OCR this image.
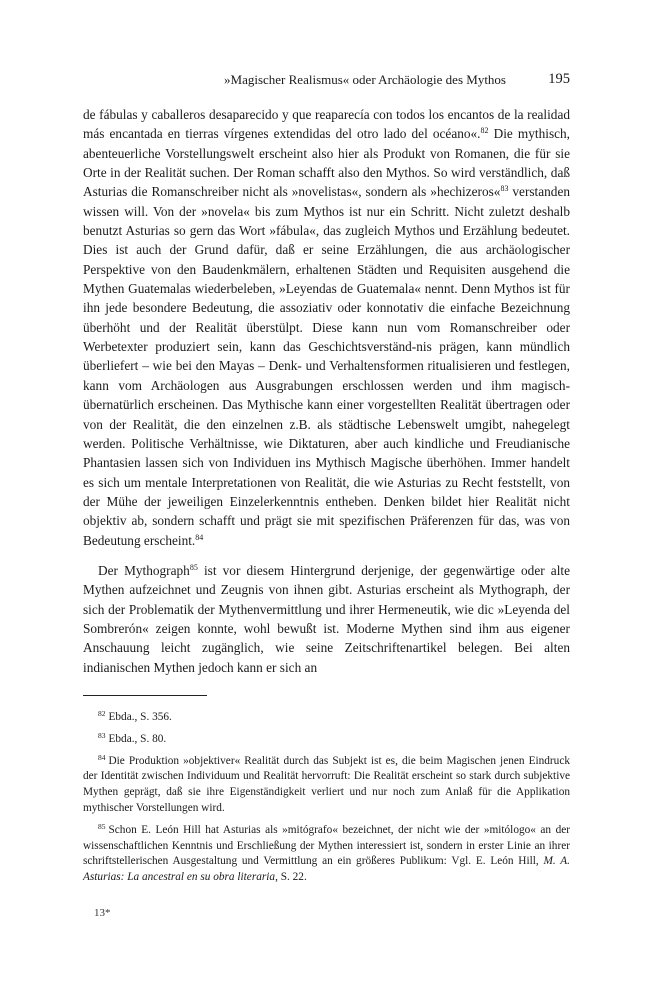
»Magischer Realismus« oder Archäologie des Mythos	195

de fábulas y caballeros desaparecido y que reaparecía con todos los encantos de la realidad más encantada en tierras vírgenes extendidas del otro lado del océano«.$^{82}$ Die mythisch, abenteuerliche Vorstellungswelt erscheint also hier als Produkt von Romanen, die für sie Orte in der Realität suchen. Der Roman schafft also den Mythos. So wird verständlich, daß Asturias die Romanschreiber nicht als »novelistas«, sondern als »hechizeros«$^{83}$ verstanden wissen will. Von der »novela« bis zum Mythos ist nur ein Schritt. Nicht zuletzt deshalb benutzt Asturias so gern das Wort »fábula«, das zugleich Mythos und Erzählung bedeutet. Dies ist auch der Grund dafür, daß er seine Erzählungen, die aus archäologischer Perspektive von den Baudenkmälern, erhaltenen Städten und Requisiten ausgehend die Mythen Guatemalas wiederbeleben, »Leyendas de Guatemala« nennt. Denn Mythos ist für ihn jede besondere Bedeutung, die assoziativ oder konnotativ die einfache Bezeichnung überhöht und der Realität überstülpt. Diese kann nun vom Romanschreiber oder Werbetexter produziert sein, kann das Geschichtsverständ-nis prägen, kann mündlich überliefert – wie bei den Mayas – Denk- und Verhaltensformen ritualisieren und festlegen, kann vom Archäologen aus Ausgrabungen erschlossen werden und ihm magisch-übernatürlich erscheinen. Das Mythische kann einer vorgestellten Realität übertragen oder von der Realität, die den einzelnen z.B. als städtische Lebenswelt umgibt, nahegelegt werden. Politische Verhältnisse, wie Diktaturen, aber auch kindliche und Freudianische Phantasien lassen sich von Individuen ins Mythisch Magische überhöhen. Immer handelt es sich um mentale Interpretationen von Realität, die wie Asturias zu Recht feststellt, von der Mühe der jeweiligen Einzelerkenntnis entheben. Denken bildet hier Realität nicht objektiv ab, sondern schafft und prägt sie mit spezifischen Präferenzen für das, was von Bedeutung erscheint.$^{84}$

Der Mythograph$^{85}$ ist vor diesem Hintergrund derjenige, der gegenwärtige oder alte Mythen aufzeichnet und Zeugnis von ihnen gibt. Asturias erscheint als Mythograph, der sich der Problematik der Mythenvermittlung und ihrer Hermeneutik, wie dic »Leyenda del Sombrerón« zeigen konnte, wohl bewußt ist. Moderne Mythen sind ihm aus eigener Anschauung leicht zugänglich, wie seine Zeitschriftenartikel belegen. Bei alten indianischen Mythen jedoch kann er sich an

$^{82}$ Ebda., S. 356.

$^{83}$ Ebda., S. 80.

$^{84}$ Die Produktion »objektiver« Realität durch das Subjekt ist es, die beim Magischen jenen Eindruck der Identität zwischen Individuum und Realität hervorruft: Die Realität erscheint so stark durch subjektive Mythen geprägt, daß sie ihre Eigenständigkeit verliert und nur noch zum Anlaß für die Applikation mythischer Vorstellungen wird.

$^{85}$ Schon E. León Hill hat Asturias als »mitógrafo« bezeichnet, der nicht wie der »mitólogo« an der wissenschaftlichen Kenntnis und Erschließung der Mythen interessiert ist, sondern in erster Linie an ihrer schriftstellerischen Ausgestaltung und Vermittlung an ein größeres Publikum: Vgl. E. León Hill, M. A. Asturias: La ancestral en su obra literaria, S. 22.

13*
